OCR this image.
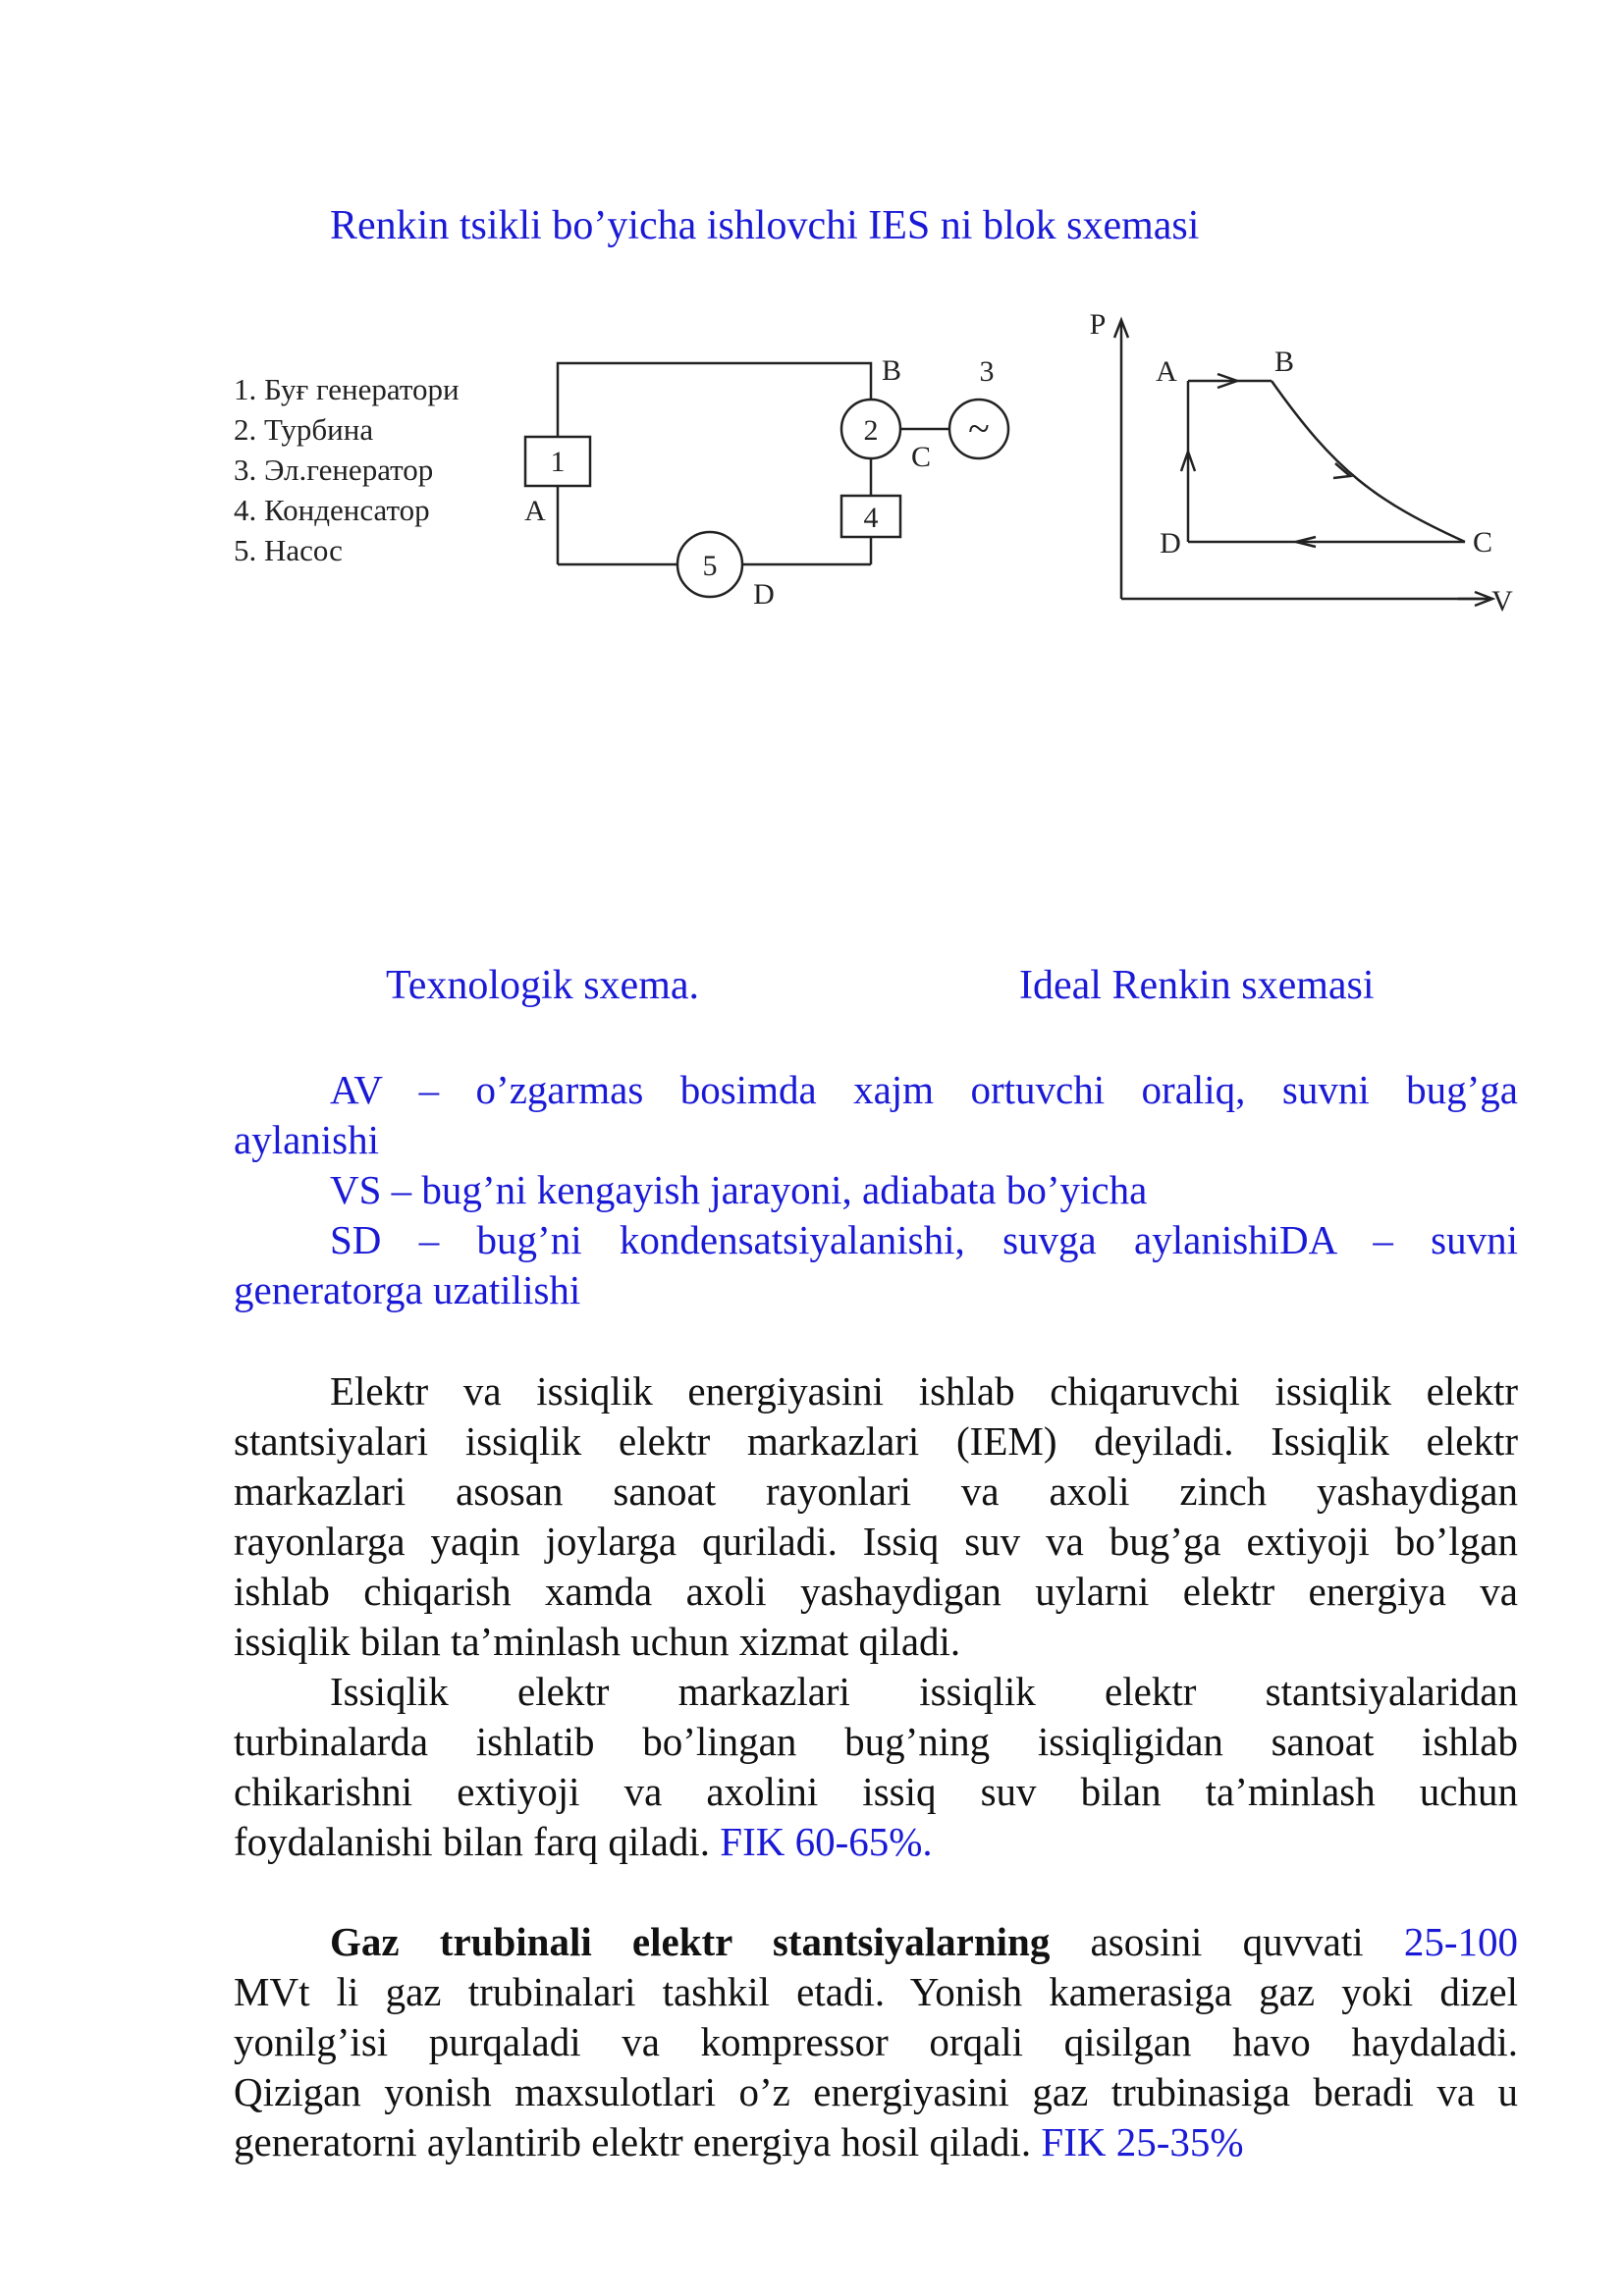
Renkin tsikli bo’yicha ishlovchi IES ni blok sxemasi
1. Буғ генератори
2. Турбина
3. Эл.генератор
4. Конденсатор
5. Насос
1
2
3
4
5
~
A
B
C
D
P
V
A	B
C
D
Texnologik sxema.	Ideal Renkin sxemasi

AV – o’zgarmas bosimda xajm ortuvchi oraliq, suvni bug’ga

aylanishi

VS – bug’ni kengayish jarayoni, adiabata bo’yicha

SD – bug’ni kondensatsiyalanishi, suvga aylanishiDA – suvni

generatorga uzatilishi

Elektr va issiqlik energiyasini ishlab chiqaruvchi issiqlik elektr

stantsiyalari issiqlik elektr markazlari (IEM) deyiladi. Issiqlik elektr

markazlari asosan sanoat rayonlari va axoli zinch yashaydigan

rayonlarga yaqin joylarga quriladi. Issiq suv va bug’ga extiyoji bo’lgan

ishlab chiqarish xamda axoli yashaydigan uylarni elektr energiya va

issiqlik bilan ta’minlash uchun xizmat qiladi.

Issiqlik elektr markazlari issiqlik elektr stantsiyalaridan

turbinalarda ishlatib bo’lingan bug’ning issiqligidan sanoat ishlab

chikarishni extiyoji va axolini issiq suv bilan ta’minlash uchun

foydalanishi bilan farq qiladi. FIK 60-65%.

Gaz trubinali elektr stantsiyalarning asosini quvvati 25-100

MVt li gaz trubinalari tashkil etadi. Yonish kamerasiga gaz yoki dizel

yonilg’isi purqaladi va kompressor orqali qisilgan havo haydaladi.

Qizigan yonish maxsulotlari o’z energiyasini gaz trubinasiga beradi va u

generatorni aylantirib elektr energiya hosil qiladi. FIK 25-35%
